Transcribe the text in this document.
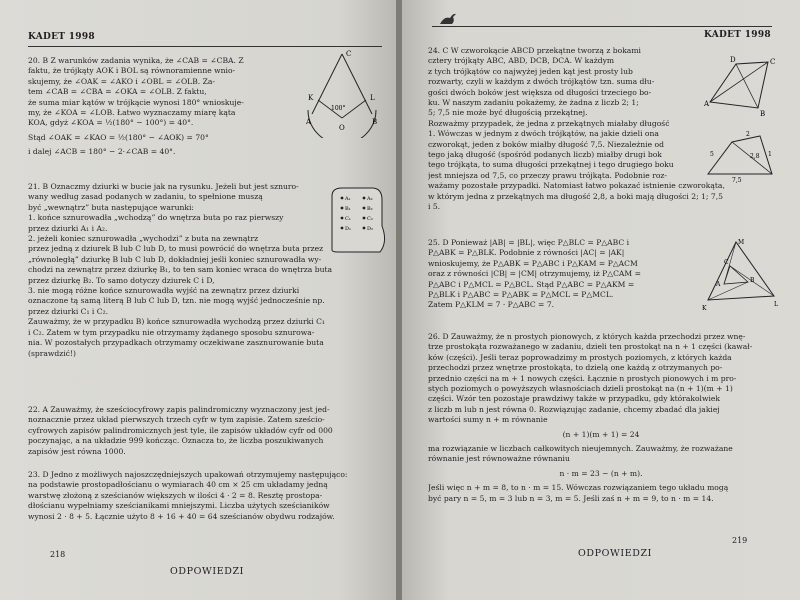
KADET 1998
20. B Z warunków zadania wynika, że ∠CAB = ∠CBA. Z
faktu, że trójkąty AOK i BOL są równoramienne wnio-
skujemy, że ∠OAK = ∠AKO i ∠OBL = ∠OLB. Za-
tem ∠CAB = ∠CBA = ∠OKA = ∠OLB. Z faktu,
że suma miar kątów w trójkącie wynosi 180° wnioskuje-
my, że ∠KOA = ∠LOB. Łatwo wyznaczamy miarę kąta
KOA, gdyż ∠KOA = ½(180° − 100°) = 40°.
Stąd ∠OAK = ∠KAO = ½(180° − ∠AOK) = 70°
i dalej ∠ACB = 180° − 2·∠CAB = 40°.
C
K	L
A
O
B
100°
21. B Oznaczmy dziurki w bucie jak na rysunku. Jeżeli but jest sznuro-
wany według zasad podanych w zadaniu, to spełnione muszą
być „wewnątrz” buta następujące warunki:
1. końce sznurowadła „wchodzą” do wnętrza buta po raz pierwszy
przez dziurki A₁ i A₂.
2. jeżeli koniec sznurowadła „wychodzi” z buta na zewnątrz
przez jedną z dziurek B lub C lub D, to musi powrócić do wnętrza buta przez
„równoległą” dziurkę B lub C lub D, dokładniej jeśli koniec sznurowadła wy-
chodzi na zewnątrz przez dziurkę B₁, to ten sam koniec wraca do wnętrza buta
przez dziurkę B₂. To samo dotyczy dziurek C i D,
3. nie mogą różne końce sznurowadła wyjść na zewnątrz przez dziurki
oznaczone tą samą literą B lub C lub D, tzn. nie mogą wyjść jednocześnie np.
przez dziurki C₁ i C₂.
Zauważmy, że w przypadku B) końce sznurowadła wychodzą przez dziurki C₁
i C₂. Zatem w tym przypadku nie otrzymamy żądanego sposobu sznurowa-
nia. W pozostałych przypadkach otrzymamy oczekiwane zasznurowanie buta
(sprawdzić!)
A₁
B₁
C₁
D₁
A₂
B₂
C₂
D₂
22. A Zauważmy, że sześciocyfrowy zapis palindromiczny wyznaczony jest jed-
noznacznie przez układ pierwszych trzech cyfr w tym zapisie. Zatem sześcio-
cyfrowych zapisów palindromicznych jest tyle, ile zapisów układów cyfr od 000
poczynając, a na układzie 999 kończąc. Oznacza to, że liczba poszukiwanych
zapisów jest równa 1000.
23. D Jedno z możliwych najoszczędniejszych upakowań otrzymujemy następująco:
na podstawie prostopadłościanu o wymiarach 40 cm × 25 cm układamy jedną
warstwę złożoną z sześcianów większych w ilości 4 · 2 = 8. Resztę prostopa-
dłościanu wypełniamy sześcianikami mniejszymi. Liczba użytych sześcianików
wynosi 2 · 8 + 5. Łącznie użyto 8 + 16 + 40 = 64 sześcianów obydwu rodzajów.
218
ODPOWIEDZI
KADET 1998
24. C W czworokącie ABCD przekątne tworzą z bokami
cztery trójkąty ABC, ABD, DCB, DCA. W każdym
z tych trójkątów co najwyżej jeden kąt jest prosty lub
rozwarty, czyli w każdym z dwóch trójkątów tzn. suma dłu-
gości dwóch boków jest większa od długości trzeciego bo-
ku. W naszym zadaniu pokażemy, że żadna z liczb 2; 1;
5; 7,5 nie może być długością przekątnej.
Rozważmy przypadek, że jedna z przekątnych miałaby długość
1. Wówczas w jednym z dwóch trójkątów, na jakie dzieli ona
czworokąt, jeden z boków miałby długość 7,5. Niezależnie od
tego jaką długość (spośród podanych liczb) miałby drugi bok
tego trójkąta, to suma długości przekątnej i tego drugiego boku
jest mniejsza od 7,5, co przeczy prawu trójkąta. Podobnie roz-
ważamy pozostałe przypadki. Natomiast łatwo pokazać istnienie czworokąta,
w którym jedna z przekątnych ma długość 2,8, a boki mają długości 2; 1; 7,5
i 5.
A
B
C
D
5
2
1
7,5
2,8
25. D Ponieważ |AB| = |BL|, więc P△BLC = P△ABC i
P△ABK = P△BLK. Podobnie z równości |AC| = |AK|
wnioskujemy, że P△ABK = P△ABC i P△KAM = P△ACM
oraz z równości |CB| = |CM| otrzymujemy, iż P△CAM =
P△ABC i P△MCL = P△BCL. Stąd P△ABC = P△AKM =
P△BLK i P△ABC = P△ABK = P△MCL = P△MCL.
Zatem P△KLM = 7 · P△ABC = 7.
M
C
A
B
K
L
26. D Zauważmy, że n prostych pionowych, z których każda przechodzi przez wnę-
trze prostokąta rozważanego w zadaniu, dzieli ten prostokąt na n + 1 części (kawał-
ków (części). Jeśli teraz poprowadzimy m prostych poziomych, z których każda
przechodzi przez wnętrze prostokąta, to dzielą one każdą z otrzymanych po-
przednio części na m + 1 nowych części. Łącznie n prostych pionowych i m pro-
stych poziomych o powyższych własnościach dzieli prostokąt na (n + 1)(m + 1)
części. Wzór ten pozostaje prawdziwy także w przypadku, gdy którakolwiek
z liczb m lub n jest równa 0. Rozwiązując zadanie, chcemy zbadać dla jakiej
wartości sumy n + m równanie
(n + 1)(m + 1) = 24
ma rozwiązanie w liczbach całkowitych nieujemnych. Zauważmy, że rozważane
równanie jest równoważne równaniu
n · m = 23 − (n + m).
Jeśli więc n + m = 8, to n · m = 15. Wówczas rozwiązaniem tego układu mogą
być pary n = 5, m = 3 lub n = 3, m = 5. Jeśli zaś n + m = 9, to n · m = 14.
ODPOWIEDZI
219
